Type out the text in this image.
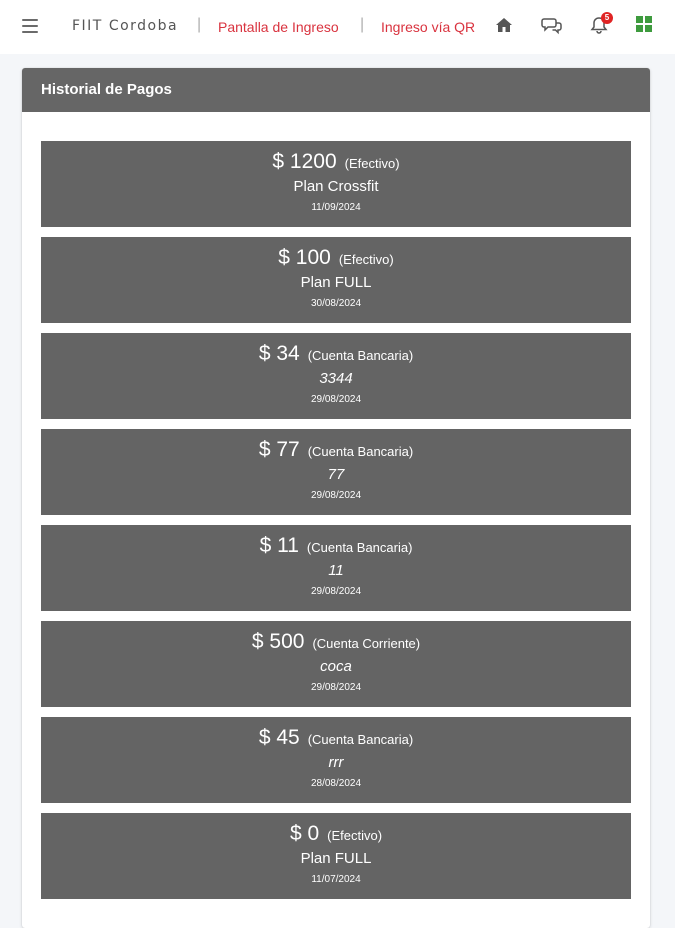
FIIT Cordoba | Pantalla de Ingreso | Ingreso vía QR
5
Historial de Pagos
$ 1200 (Efectivo)
Plan Crossfit
11/09/2024
$ 100 (Efectivo)
Plan FULL
30/08/2024
$ 34 (Cuenta Bancaria)
3344
29/08/2024
$ 77 (Cuenta Bancaria)
77
29/08/2024
$ 11 (Cuenta Bancaria)
11
29/08/2024
$ 500 (Cuenta Corriente)
coca
29/08/2024
$ 45 (Cuenta Bancaria)
rrr
28/08/2024
$ 0 (Efectivo)
Plan FULL
11/07/2024
